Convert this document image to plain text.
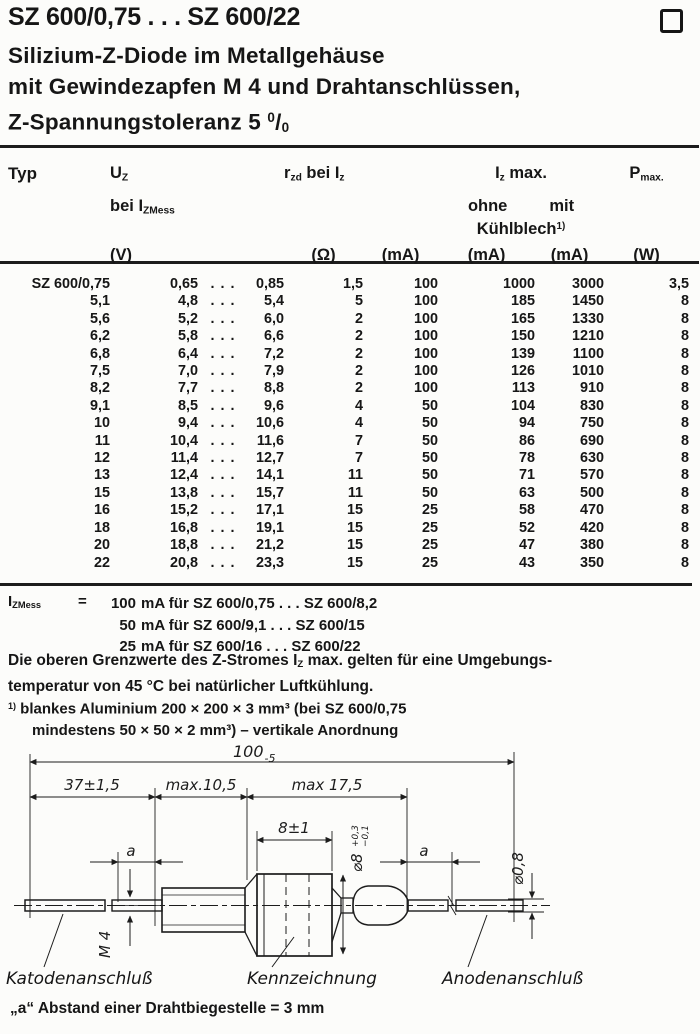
SZ 600/0,75 . . . SZ 600/22
Silizium-Z-Diode im Metallgehäuse
mit Gewindezapfen M 4 und Drahtanschlüssen,
Z-Spannungstoleranz 5 $^0$/0
Typ	$U_Z$			$r_{zd}$ bei $I_z$		$I_z$ max.		$P_{max.}$
	bei $I_{ZMess}$					ohne mit		
						Kühlblech$^{1)}$	
	(V)			(Ω)	(mA)	(mA)	(mA)	(W)
SZ 600/0,75	0,65	. . .	0,85	1,5	100	1000	3000	3,5
5,1	4,8	. . .	5,4	5	100	185	1450	8
5,6	5,2	. . .	6,0	2	100	165	1330	8
6,2	5,8	. . .	6,6	2	100	150	1210	8
6,8	6,4	. . .	7,2	2	100	139	1100	8
7,5	7,0	. . .	7,9	2	100	126	1010	8
8,2	7,7	. . .	8,8	2	100	113	910	8
9,1	8,5	. . .	9,6	4	50	104	830	8
10	9,4	. . .	10,6	4	50	94	750	8
11	10,4	. . .	11,6	7	50	86	690	8
12	11,4	. . .	12,7	7	50	78	630	8
13	12,4	. . .	14,1	11	50	71	570	8
15	13,8	. . .	15,7	11	50	63	500	8
16	15,2	. . .	17,1	15	25	58	470	8
18	16,8	. . .	19,1	15	25	52	420	8
20	18,8	. . .	21,2	15	25	47	380	8
22	20,8	. . .	23,3	15	25	43	350	8
$I_{ZMess}$	=	100 mA für SZ 600/0,75 . . . SZ 600/8,2
50 mA für SZ 600/9,1 . . . SZ 600/15
25 mA für SZ 600/16 . . . SZ 600/22
Die oberen Grenzwerte des Z-Stromes $I_Z$ max. gelten für eine Umgebungs-
temperatur von 45 °C bei natürlicher Luftkühlung.
$^{1)}$ blankes Aluminium 200 × 200 × 3 mm³ (bei SZ 600/0,75
mindestens 50 × 50 × 2 mm³) – vertikale Anordnung
$100_{-5}$
37±1,5	max.10,5	max 17,5
8±1
a	a
M 4
⌀8
+0,3 −0,1
⌀0,8
Katodenanschluß	Kennzeichnung	Anodenanschluß
„a“ Abstand einer Drahtbiegestelle = 3 mm
